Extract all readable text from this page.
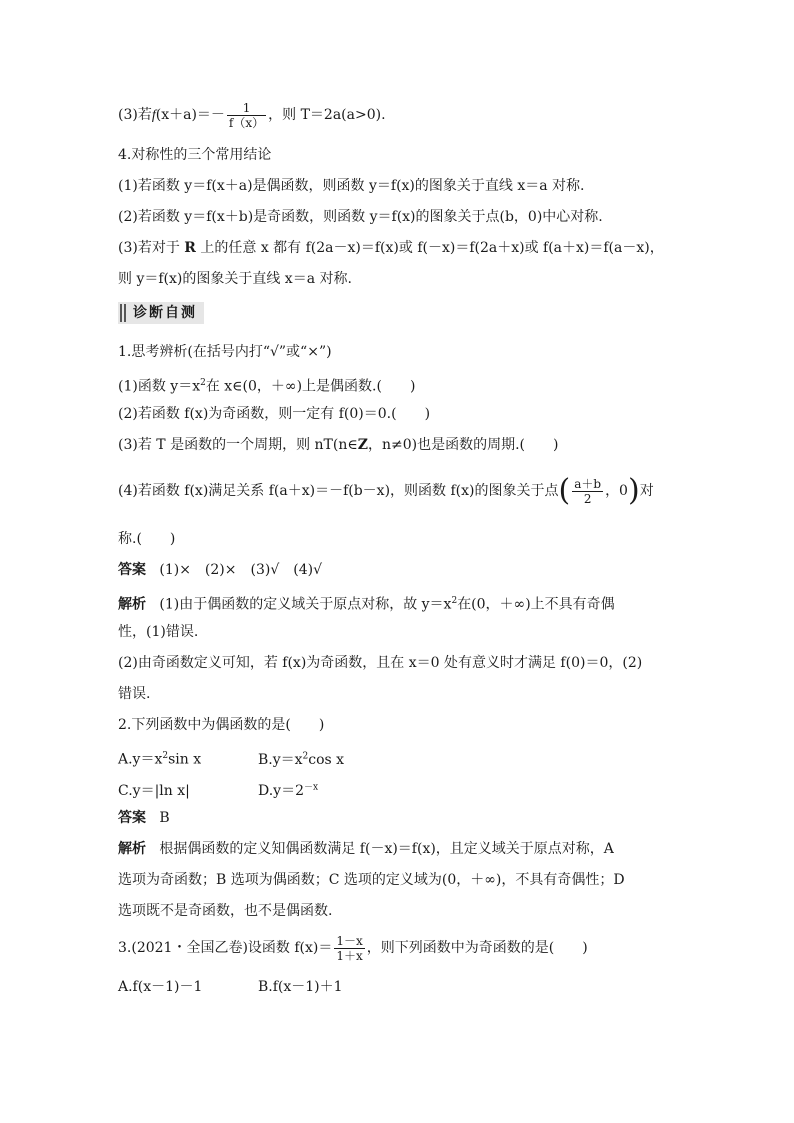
(3)若$f(x+a)=- \frac{1}{f(x)}$ ，则 T＝2a(a>0).
4.对称性的三个常用结论
(1)若函数 y＝f(x＋a)是偶函数，则函数 y＝f(x)的图象关于直线 x＝a 对称.
(2)若函数 y＝f(x＋b)是奇函数，则函数 y＝f(x)的图象关于点(b，0)中心对称.
(3)若对于 R 上的任意 x 都有 f(2a－x)＝f(x)或 f(－x)＝f(2a＋x)或 f(a＋x)＝f(a－x)，
则 y＝f(x)的图象关于直线 x＝a 对称.
诊断自测
1.思考辨析(在括号内打“√”或“×”)
(1)函数 $y=x^2$在 x∈(0，＋∞)上是偶函数.(　　)
(2)若函数 f(x)为奇函数，则一定有 f(0)＝0.(　　)
(3)若 T 是函数的一个周期，则 nT(n∈Z，n≠0)也是函数的周期.(　　)
(4)若函数 f(x)满足关系 f(a＋x)＝－f(b－x)，则函数 f(x)的图象关于点( $\frac{a+b}{2}$ ，0)对
称.(　　)
答案 (1)×　(2)×　(3)√　(4)√
解析 (1)由于偶函数的定义域关于原点对称，故 $y=x^2$在(0，＋∞)上不具有奇偶
性，(1)错误.
(2)由奇函数定义可知，若 f(x)为奇函数，且在 x＝0 处有意义时才满足 f(0)＝0，(2)
错误.
2.下列函数中为偶函数的是(　　)
$A.y=x^2\sin$ x	$B.y=x^2\cos$ x
C.y＝|ln x|	$D.y=2^{-x}$
答案 B
解析 根据偶函数的定义知偶函数满足 f(－x)＝f(x)，且定义域关于原点对称，A
选项为奇函数；B 选项为偶函数；C 选项的定义域为(0，＋∞)，不具有奇偶性；D
选项既不是奇函数，也不是偶函数.
3.(2021・全国乙卷)设函数 $f(x)= \frac{1-x}{1+x}$ ，则下列函数中为奇函数的是(　　)
A.f(x－1)－1	B.f(x－1)＋1
